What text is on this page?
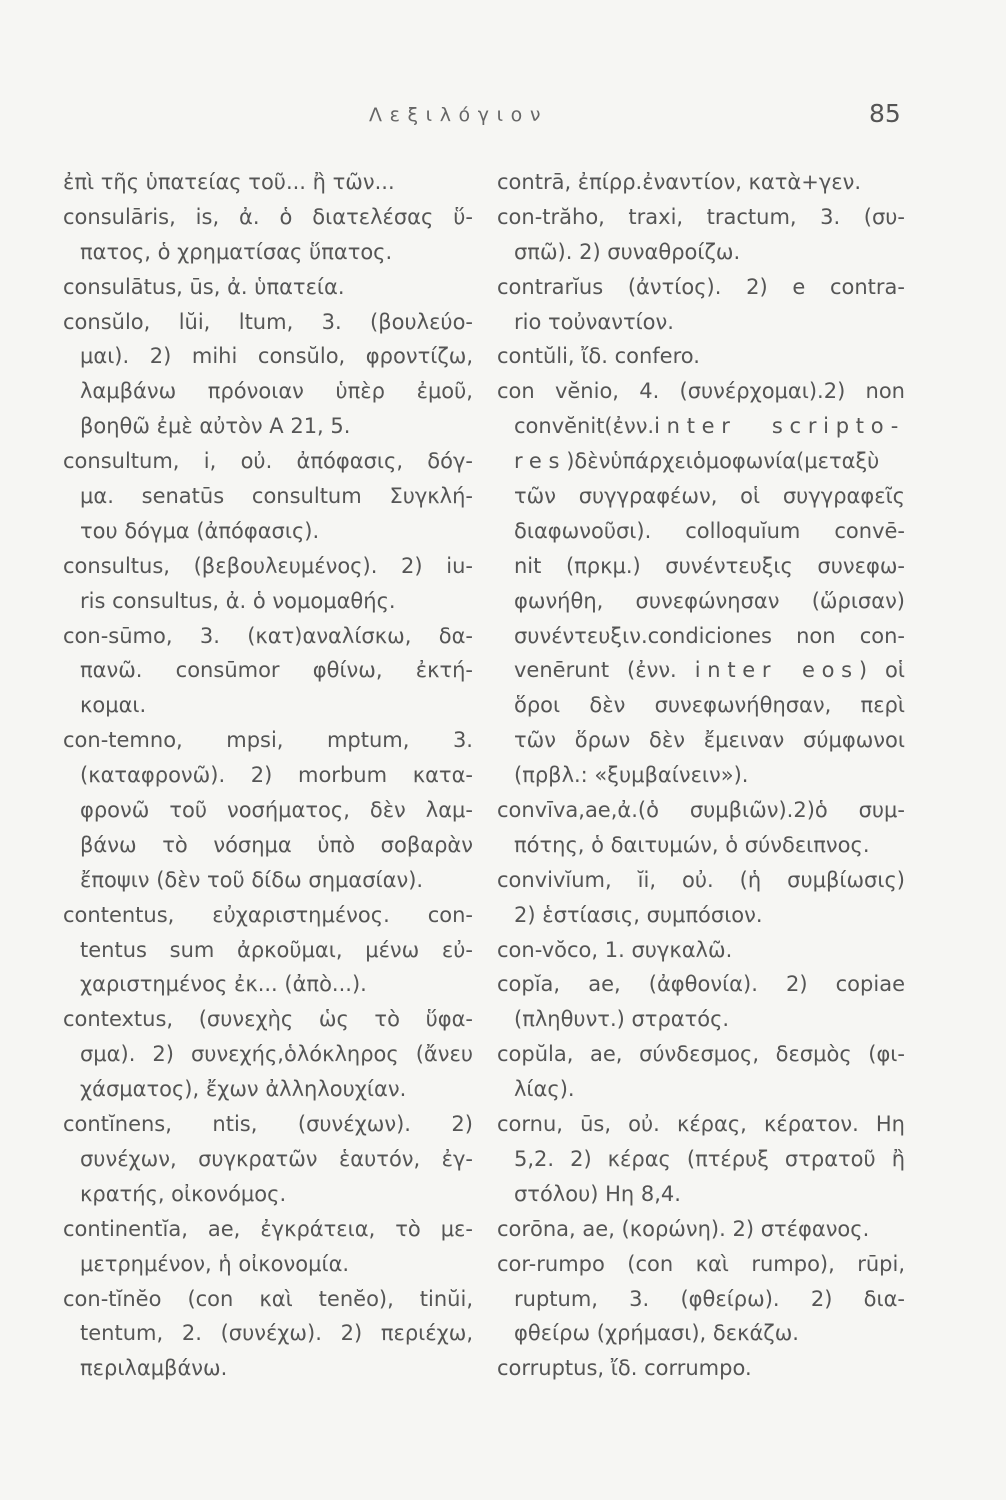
Λεξιλόγιον	85
ἐπὶ τῆς ὑπατείας τοῦ... ἢ τῶν...
consulāris, is, ἀ. ὁ διατελέσας ὕ-
πατος, ὁ χρηματίσας ὕπατος.
consulātus, ūs, ἀ. ὑπατεία.
consŭlo, lŭi, ltum, 3. (βουλεύο-
μαι). 2) mihi consŭlo, φροντίζω,
λαμβάνω πρόνοιαν ὑπὲρ ἐμοῦ,
βοηθῶ ἐμὲ αὐτὸν Α 21, 5.
consultum, i, οὐ. ἀπόφασις, δόγ-
μα. senatūs consultum Συγκλή-
του δόγμα (ἀπόφασις).
consultus, (βεβουλευμένος). 2) iu-
ris consultus, ἀ. ὁ νομομαθής.
con-sūmo, 3. (κατ)αναλίσκω, δα-
πανῶ. consūmor φθίνω, ἐκτή-
κομαι.
con-temno, mpsi, mptum, 3.
(καταφρονῶ). 2) morbum κατα-
φρονῶ τοῦ νοσήματος, δὲν λαμ-
βάνω τὸ νόσημα ὑπὸ σοβαρὰν
ἔποψιν (δὲν τοῦ δίδω σημασίαν).
contentus, εὐχαριστημένος. con-
tentus sum ἀρκοῦμαι, μένω εὐ-
χαριστημένος ἐκ... (ἀπὸ...).
contextus, (συνεχὴς ὡς τὸ ὕφα-
σμα). 2) συνεχής,ὁλόκληρος (ἄνευ
χάσματος), ἔχων ἀλληλουχίαν.
contĭnens, ntis, (συνέχων). 2)
συνέχων, συγκρατῶν ἑαυτόν, ἐγ-
κρατής, οἰκονόμος.
continentĭa, ae, ἐγκράτεια, τὸ με-
μετρημένον, ἡ οἰκονομία.
con-tĭnĕo (con καὶ tenĕo), tinŭi,
tentum, 2. (συνέχω). 2) περιέχω,
περιλαμβάνω.
contrā, ἐπίρρ.ἐναντίον, κατὰ+γεν.
con-trăho, traxi, tractum, 3. (συ-
σπῶ). 2) συναθροίζω.
contrarĭus (ἀντίος). 2) e contra-
rio τοὐναντίον.
contŭli, ἴδ. confero.
con vĕnio, 4. (συνέρχομαι).2) non
convĕnit(ἐνν.inter scripto-
res)δὲνὑπάρχειὁμοφωνία(μεταξὺ
τῶν συγγραφέων, οἱ συγγραφεῖς
διαφωνοῦσι). colloquĭum convē-
nit (πρκμ.) συνέντευξις συνεφω-
φωνήθη, συνεφώνησαν (ὥρισαν)
συνέντευξιν.condiciones non con-
venērunt (ἐνν. inter eos) οἱ
ὅροι δὲν συνεφωνήθησαν, περὶ
τῶν ὅρων δὲν ἔμειναν σύμφωνοι
(πρβλ.: «ξυμβαίνειν»).
convīva,ae,ἀ.(ὁ συμβιῶν).2)ὁ συμ-
πότης, ὁ δαιτυμών, ὁ σύνδειπνος.
convivĭum, ĭi, οὐ. (ἡ συμβίωσις)
2) ἑστίασις, συμπόσιον.
con-vŏco, 1. συγκαλῶ.
copĭa, ae, (ἀφθονία). 2) copiae
(πληθυντ.) στρατός.
copŭla, ae, σύνδεσμος, δεσμὸς (φι-
λίας).
cornu, ūs, οὐ. κέρας, κέρατον. Ηη
5,2. 2) κέρας (πτέρυξ στρατοῦ ἢ
στόλου) Ηη 8,4.
corōna, ae, (κορώνη). 2) στέφανος.
cor-rumpo (con καὶ rumpo), rūpi,
ruptum, 3. (φθείρω). 2) δια-
φθείρω (χρήμασι), δεκάζω.
corruptus, ἴδ. corrumpo.
